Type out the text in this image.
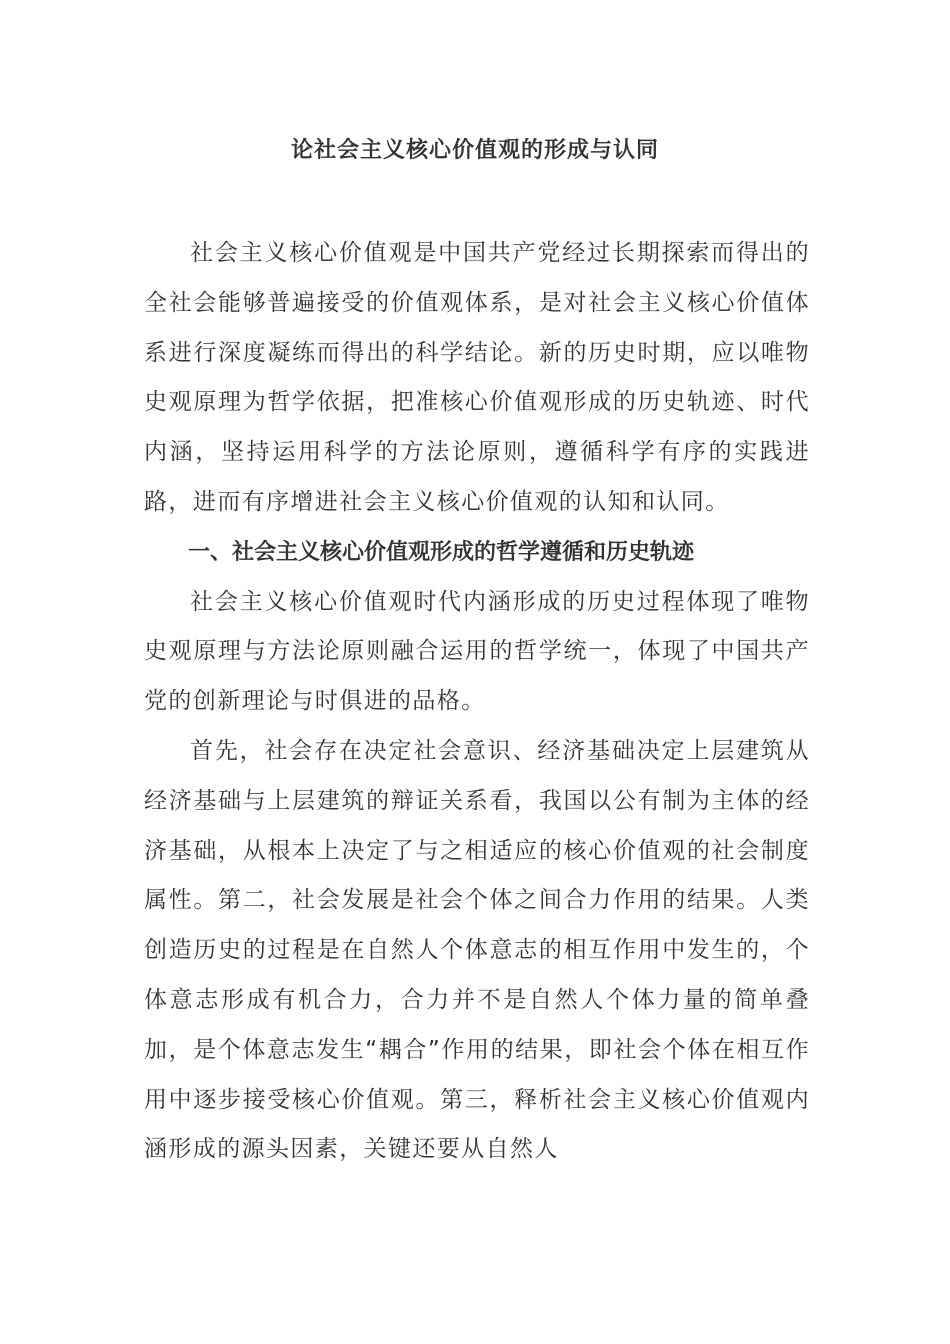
论社会主义核心价值观的形成与认同

社会主义核心价值观是中国共产党经过长期探索而得出的全社会能够普遍接受的价值观体系，是对社会主义核心价值体系进行深度凝练而得出的科学结论。新的历史时期，应以唯物史观原理为哲学依据，把准核心价值观形成的历史轨迹、时代内涵，坚持运用科学的方法论原则，遵循科学有序的实践进路，进而有序增进社会主义核心价值观的认知和认同。

一、社会主义核心价值观形成的哲学遵循和历史轨迹

社会主义核心价值观时代内涵形成的历史过程体现了唯物史观原理与方法论原则融合运用的哲学统一，体现了中国共产党的创新理论与时俱进的品格。

首先，社会存在决定社会意识、经济基础决定上层建筑从经济基础与上层建筑的辩证关系看，我国以公有制为主体的经济基础，从根本上决定了与之相适应的核心价值观的社会制度属性。第二，社会发展是社会个体之间合力作用的结果。人类创造历史的过程是在自然人个体意志的相互作用中发生的，个体意志形成有机合力，合力并不是自然人个体力量的简单叠加，是个体意志发生“耦合”作用的结果，即社会个体在相互作用中逐步接受核心价值观。第三，释析社会主义核心价值观内涵形成的源头因素，关键还要从自然人
